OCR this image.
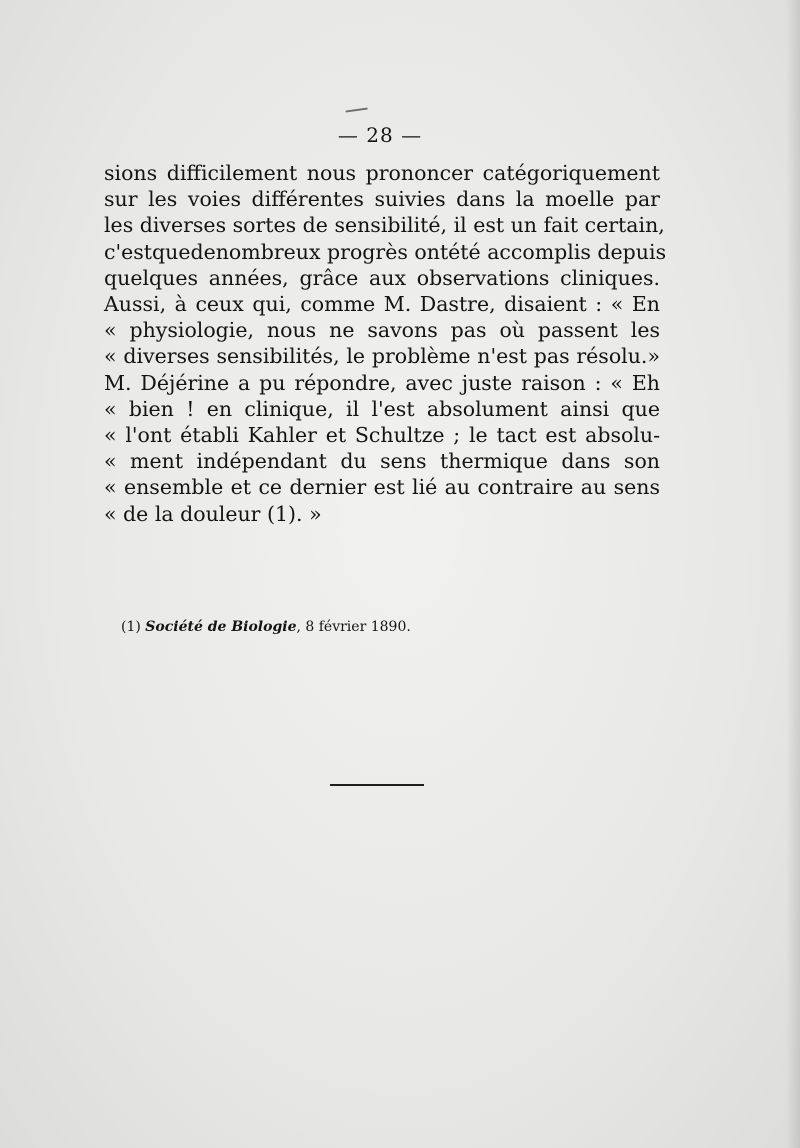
— 28 —
sions difficilement nous prononcer catégoriquement
sur les voies différentes suivies dans la moelle par
les diverses sortes de sensibilité, il est un fait certain,
c'estquedenombreux progrès ontété accomplis depuis
quelques années, grâce aux observations cliniques.
Aussi, à ceux qui, comme M. Dastre, disaient : « En
« physiologie, nous ne savons pas où passent les
« diverses sensibilités, le problème n'est pas résolu.»
M. Déjérine a pu répondre, avec juste raison : « Eh
« bien ! en clinique, il l'est absolument ainsi que
« l'ont établi Kahler et Schultze ; le tact est absolu-
« ment indépendant du sens thermique dans son
« ensemble et ce dernier est lié au contraire au sens
« de la douleur (1). »
(1) Société de Biologie, 8 février 1890.
